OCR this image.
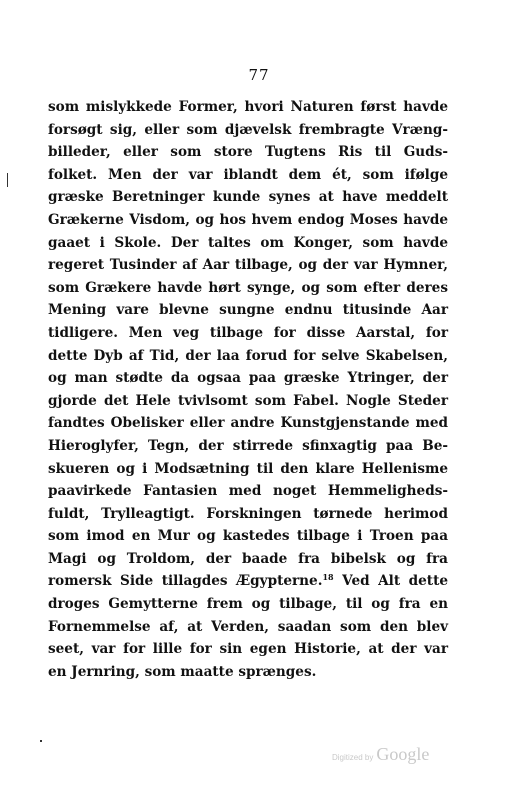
77
som mislykkede Former, hvori Naturen først havde
forsøgt sig, eller som djævelsk frembragte Vræng-
billeder, eller som store Tugtens Ris til Guds-
folket. Men der var iblandt dem ét, som ifølge
græske Beretninger kunde synes at have meddelt
Grækerne Visdom, og hos hvem endog Moses havde
gaaet i Skole. Der taltes om Konger, som havde
regeret Tusinder af Aar tilbage, og der var Hymner,
som Grækere havde hørt synge, og som efter deres
Mening vare blevne sungne endnu titusinde Aar
tidligere. Men veg tilbage for disse Aarstal, for
dette Dyb af Tid, der laa forud for selve Skabelsen,
og man stødte da ogsaa paa græske Ytringer, der
gjorde det Hele tvivlsomt som Fabel. Nogle Steder
fandtes Obelisker eller andre Kunstgjenstande med
Hieroglyfer, Tegn, der stirrede sfinxagtig paa Be-
skueren og i Modsætning til den klare Hellenisme
paavirkede Fantasien med noget Hemmeligheds-
fuldt, Trylleagtigt. Forskningen tørnede herimod
som imod en Mur og kastedes tilbage i Troen paa
Magi og Troldom, der baade fra bibelsk og fra
romersk Side tillagdes Ægypterne.$^{18}$ Ved Alt dette
droges Gemytterne frem og tilbage, til og fra en
Fornemmelse af, at Verden, saadan som den blev
seet, var for lille for sin egen Historie, at der var
en Jernring, som maatte sprænges.
Digitized by Google
